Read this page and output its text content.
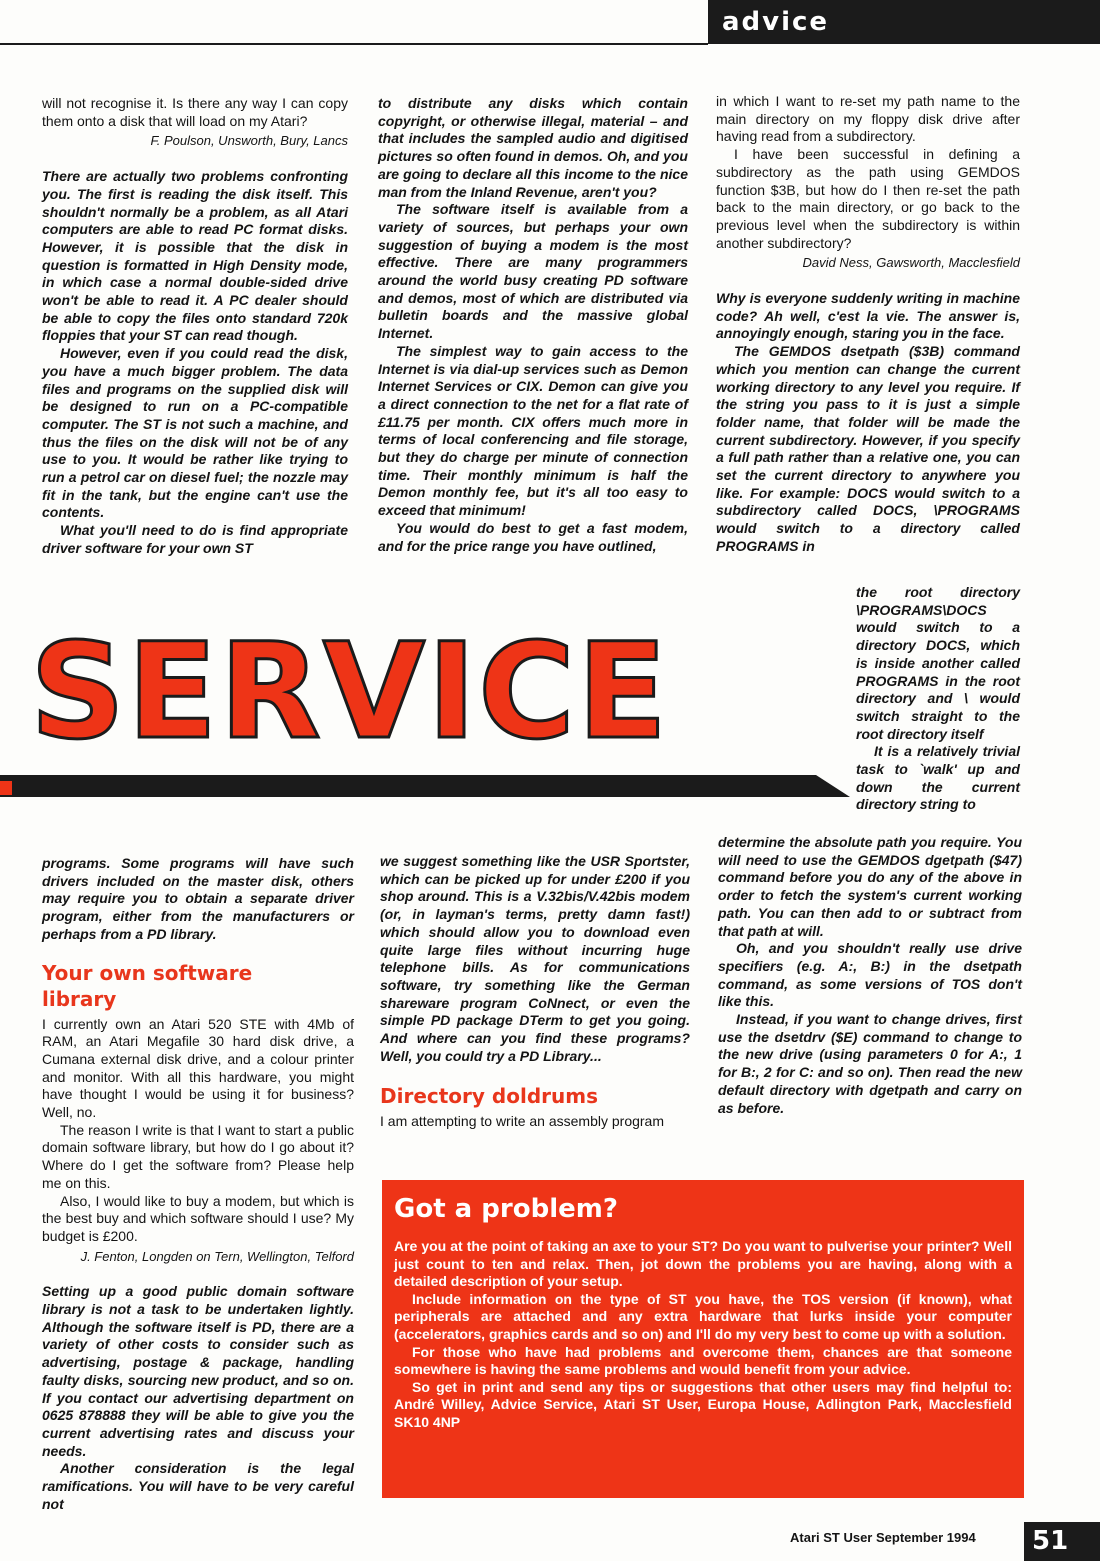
advice

will not recognise it. Is there any way I can copy them onto a disk that will load on my Atari?

F. Poulson, Unsworth, Bury, Lancs

There are actually two problems confronting you. The first is reading the disk itself. This shouldn't normally be a problem, as all Atari computers are able to read PC format disks. However, it is possible that the disk in question is formatted in High Density mode, in which case a normal double-sided drive won't be able to read it. A PC dealer should be able to copy the files onto standard 720k floppies that your ST can read though.

However, even if you could read the disk, you have a much bigger problem. The data files and programs on the supplied disk will be designed to run on a PC-compatible computer. The ST is not such a machine, and thus the files on the disk will not be of any use to you. It would be rather like trying to run a petrol car on diesel fuel; the nozzle may fit in the tank, but the engine can't use the contents.

What you'll need to do is find appropriate driver software for your own ST

to distribute any disks which contain copyright, or otherwise illegal, material – and that includes the sampled audio and digitised pictures so often found in demos. Oh, and you are going to declare all this income to the nice man from the Inland Revenue, aren't you?

The software itself is available from a variety of sources, but perhaps your own suggestion of buying a modem is the most effective. There are many programmers around the world busy creating PD software and demos, most of which are distributed via bulletin boards and the massive global Internet.

The simplest way to gain access to the Internet is via dial-up services such as Demon Internet Services or CIX. Demon can give you a direct connection to the net for a flat rate of £11.75 per month. CIX offers much more in terms of local conferencing and file storage, but they do charge per minute of connection time. Their monthly minimum is half the Demon monthly fee, but it's all too easy to exceed that minimum!

You would do best to get a fast modem, and for the price range you have outlined,

in which I want to re-set my path name to the main directory on my floppy disk drive after having read from a subdirectory.

I have been successful in defining a subdirectory as the path using GEMDOS function $3B, but how do I then re-set the path back to the main directory, or go back to the previous level when the subdirectory is within another subdirectory?

David Ness, Gawsworth, Macclesfield

Why is everyone suddenly writing in machine code? Ah well, c'est la vie. The answer is, annoyingly enough, staring you in the face.

The GEMDOS dsetpath ($3B) command which you mention can change the current working directory to any level you require. If the string you pass to it is just a simple folder name, that folder will be made the current subdirectory. However, if you specify a full path rather than a relative one, you can set the current directory to anywhere you like. For example: DOCS would switch to a subdirectory called DOCS, \PROGRAMS would switch to a directory called PROGRAMS in

the root directory \PROGRAMS\DOCS would switch to a directory DOCS, which is inside another called PROGRAMS in the root directory and \ would switch straight to the root directory itself

It is a relatively trivial task to `walk' up and down the current directory string to

determine the absolute path you require. You will need to use the GEMDOS dgetpath ($47) command before you do any of the above in order to fetch the system's current working path. You can then add to or subtract from that path at will.

Oh, and you shouldn't really use drive specifiers (e.g. A:, B:) in the dsetpath command, as some versions of TOS don't like this.

Instead, if you want to change drives, first use the dsetdrv ($E) command to change to the new drive (using parameters 0 for A:, 1 for B:, 2 for C: and so on). Then read the new default directory with dgetpath and carry on as before.

SERVICE

programs. Some programs will have such drivers included on the master disk, others may require you to obtain a separate driver program, either from the manufacturers or perhaps from a PD library.

Your own software library

I currently own an Atari 520 STE with 4Mb of RAM, an Atari Megafile 30 hard disk drive, a Cumana external disk drive, and a colour printer and monitor. With all this hardware, you might have thought I would be using it for business? Well, no.

The reason I write is that I want to start a public domain software library, but how do I go about it? Where do I get the software from? Please help me on this.

Also, I would like to buy a modem, but which is the best buy and which software should I use? My budget is £200.

J. Fenton, Longden on Tern, Wellington, Telford

Setting up a good public domain software library is not a task to be undertaken lightly. Although the software itself is PD, there are a variety of other costs to consider such as advertising, postage & package, handling faulty disks, sourcing new product, and so on. If you contact our advertising department on 0625 878888 they will be able to give you the current advertising rates and discuss your needs.

Another consideration is the legal ramifications. You will have to be very careful not

we suggest something like the USR Sportster, which can be picked up for under £200 if you shop around. This is a V.32bis/V.42bis modem (or, in layman's terms, pretty damn fast!) which should allow you to download even quite large files without incurring huge telephone bills. As for communications software, try something like the German shareware program CoNnect, or even the simple PD package DTerm to get you going. And where can you find these programs? Well, you could try a PD Library...

Directory doldrums

I am attempting to write an assembly program

Got a problem?

Are you at the point of taking an axe to your ST? Do you want to pulverise your printer? Well just count to ten and relax. Then, jot down the problems you are having, along with a detailed description of your setup.

Include information on the type of ST you have, the TOS version (if known), what peripherals are attached and any extra hardware that lurks inside your computer (accelerators, graphics cards and so on) and I'll do my very best to come up with a solution.

For those who have had problems and overcome them, chances are that someone somewhere is having the same problems and would benefit from your advice.

So get in print and send any tips or suggestions that other users may find helpful to: André Willey, Advice Service, Atari ST User, Europa House, Adlington Park, Macclesfield SK10 4NP

Atari ST User September 1994	51
